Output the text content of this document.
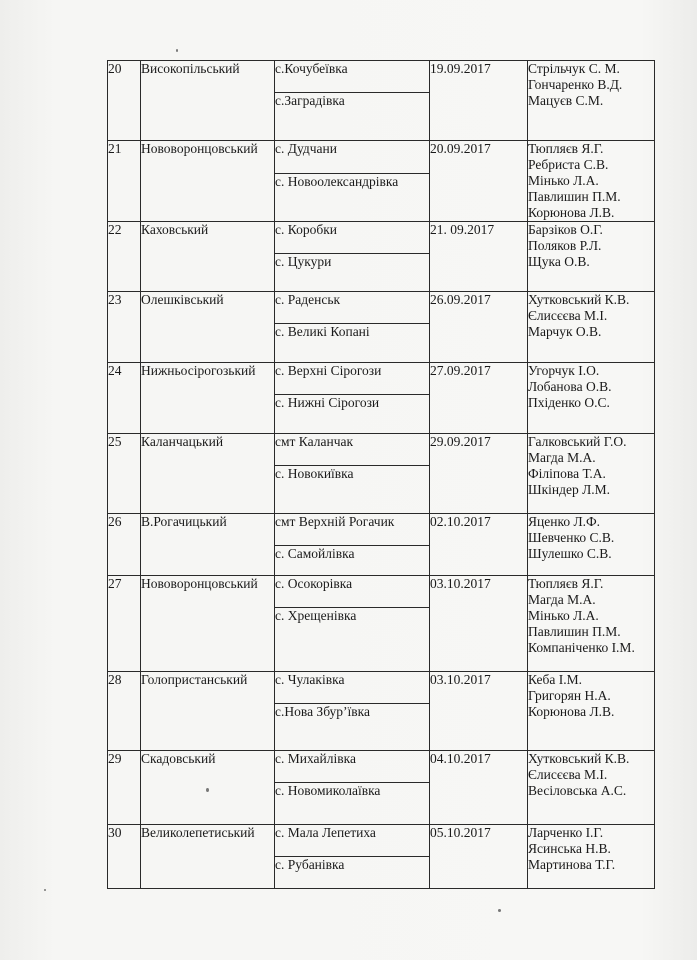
20	Високопільський	с.Кочубеївка	19.09.2017	Стрільчук С. М.
Гончаренко В.Д.
Мацуєв С.М.

		с.Заградівка		
21	Нововоронцовський	с. Дудчани	20.09.2017	Тюпляєв Я.Г.
Ребриста С.В.
Мінько Л.А.
Павлишин П.М.
Корюнова Л.В.

		с. Новоолександрівка		
22	Каховський	с. Коробки	21. 09.2017	Барзіков О.Г.
Поляков Р.Л.
Щука О.В.

		с. Цукури		
23	Олешківський	с. Раденськ	26.09.2017	Хутковський К.В.
Єлисєєва М.І.
Марчук О.В.

		с. Великі Копані		
24	Нижньосірогозький	с. Верхні Сірогози	27.09.2017	Угорчук І.О.
Лобанова О.В.
Пхіденко О.С.

		с. Нижні Сірогози		
25	Каланчацький	смт Каланчак	29.09.2017	Галковський Г.О.
Магда М.А.
Філіпова Т.А.
Шкіндер Л.М.

		с. Новокиївка		
26	В.Рогачицький	смт Верхній Рогачик	02.10.2017	Яценко Л.Ф.
Шевченко С.В.
Шулешко С.В.

		с. Самойлівка		
27	Нововоронцовський	с. Осокорівка	03.10.2017	Тюпляєв Я.Г.
Магда М.А.
Мінько Л.А.
Павлишин П.М.
Компаніченко І.М.

		с. Хрещенівка		
28	Голопристанський	с. Чулаківка	03.10.2017	Кеба І.М.
Григорян Н.А.
Корюнова Л.В.

		с.Нова Збур’ївка		
29	Скадовський	с. Михайлівка	04.10.2017	Хутковський К.В.
Єлисєєва М.І.
Весіловська А.С.

		с. Новомиколаївка		
30	Великолепетиський	с. Мала Лепетиха	05.10.2017	Ларченко І.Г.
Ясинська Н.В.
Мартинова Т.Г.

		с. Рубанівка		
